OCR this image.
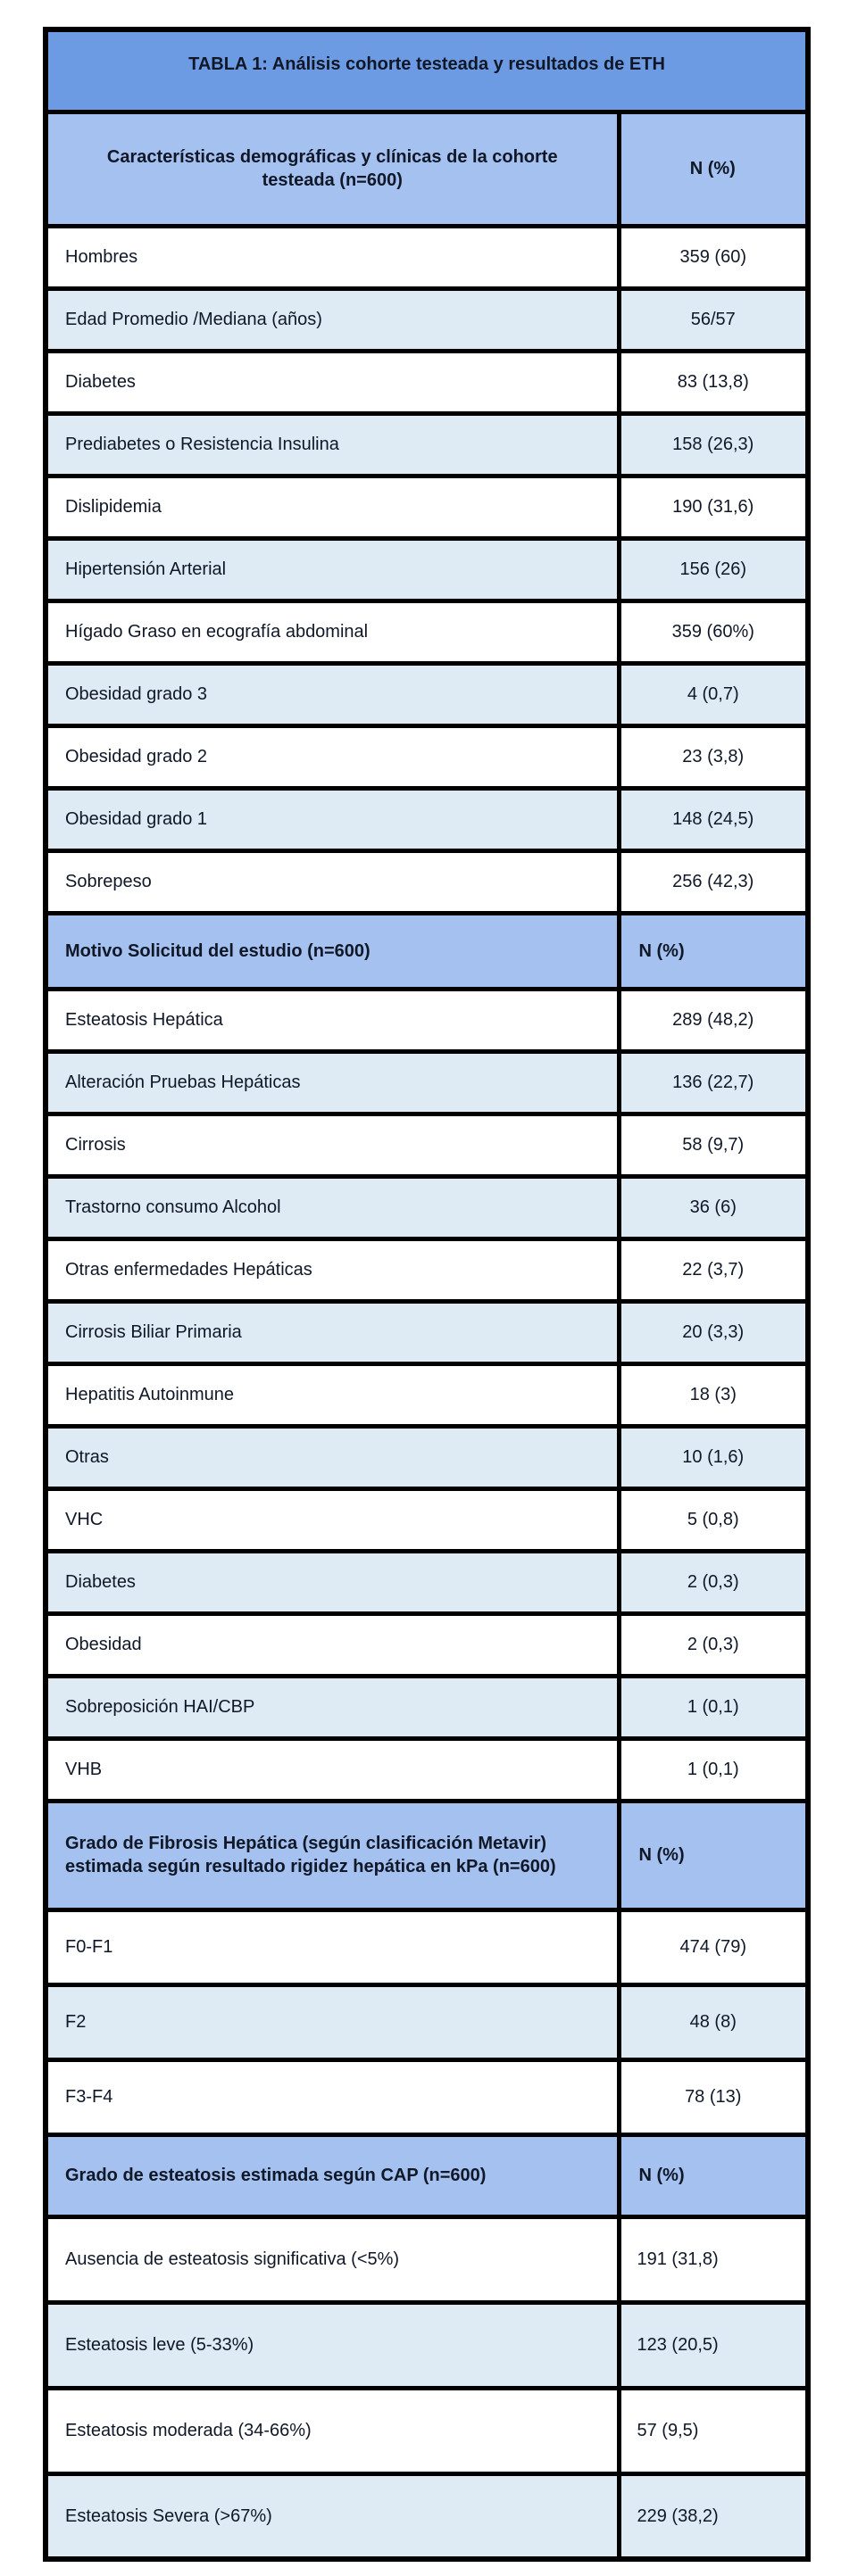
TABLA 1: Análisis cohorte testeada y resultados de ETH	
Características demográficas y clínicas de la cohorte testeada (n=600)	N (%)
Hombres	359 (60)
Edad Promedio /Mediana (años)	56/57
Diabetes	83 (13,8)
Prediabetes o Resistencia Insulina	158 (26,3)
Dislipidemia	190 (31,6)
Hipertensión Arterial	156 (26)
Hígado Graso en ecografía abdominal	359 (60%)
Obesidad grado 3	4 (0,7)
Obesidad grado 2	23 (3,8)
Obesidad grado 1	148 (24,5)
Sobrepeso	256 (42,3)
Motivo Solicitud del estudio (n=600)	N (%)
Esteatosis Hepática	289 (48,2)
Alteración Pruebas Hepáticas	136 (22,7)
Cirrosis	58 (9,7)
Trastorno consumo Alcohol	36 (6)
Otras enfermedades Hepáticas	22 (3,7)
Cirrosis Biliar Primaria	20 (3,3)
Hepatitis Autoinmune	18 (3)
Otras	10 (1,6)
VHC	5 (0,8)
Diabetes	2 (0,3)
Obesidad	2 (0,3)
Sobreposición HAI/CBP	1 (0,1)
VHB	1 (0,1)
Grado de Fibrosis Hepática (según clasificación Metavir) estimada según resultado rigidez hepática en kPa (n=600)	N (%)
F0-F1	474 (79)
F2	48 (8)
F3-F4	78 (13)
Grado de esteatosis estimada según CAP (n=600)	N (%)
Ausencia de esteatosis significativa (<5%)	191 (31,8)
Esteatosis leve (5-33%)	123 (20,5)
Esteatosis moderada (34-66%)	57 (9,5)
Esteatosis Severa (>67%)	229 (38,2)
